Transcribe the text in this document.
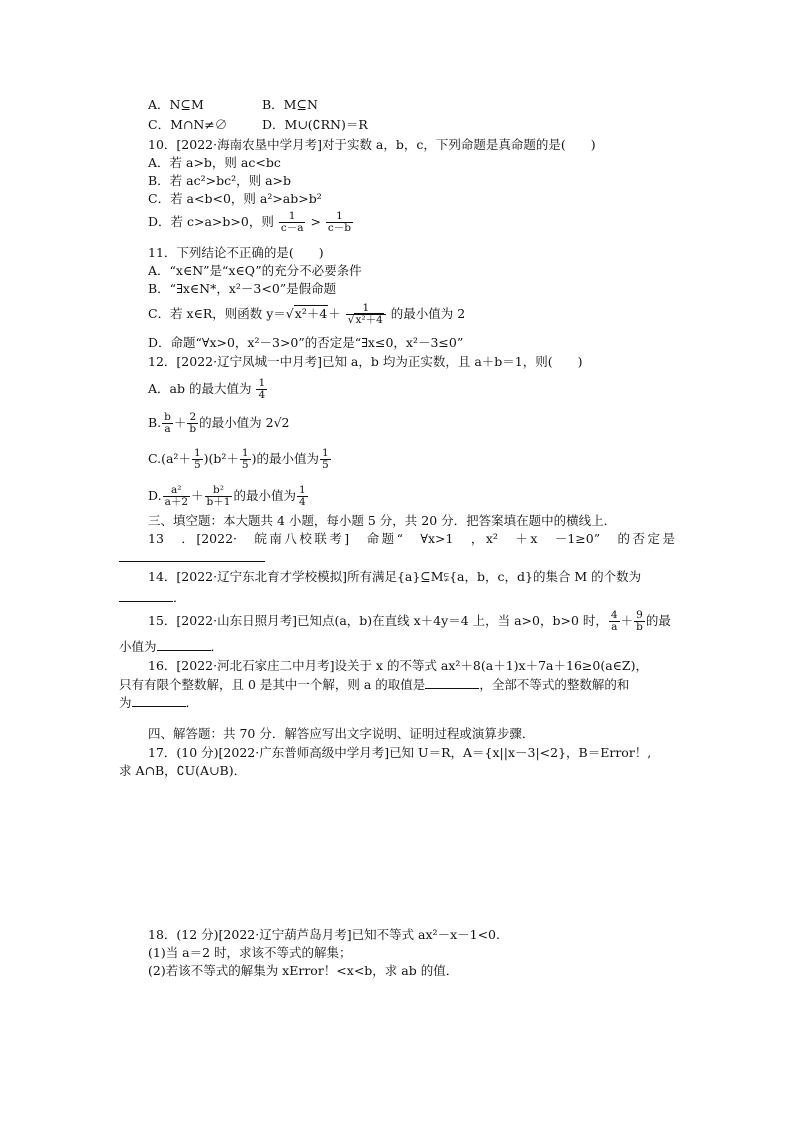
A．N⊆M	B．M⊆N
C．M∩N≠∅	D．M∪(∁RN)＝R
10．[2022·海南农垦中学月考]对于实数 a，b，c，下列命题是真命题的是(　　)
A．若 a>b，则 ac<bc
B．若 ac²>bc²，则 a>b
C．若 a<b<0，则 a²>ab>b²
D．若 c>a>b>0，则 $\frac{1}{c-a} > \frac{1}{c-b}$
11．下列结论不正确的是(　　)
A．“x∈N”是“x∈Q”的充分不必要条件
B．“∃x∈N*，x²－3<0”是假命题
C．若 x∈R，则函数 $y=√x^2+4+ \frac{1}{\text{√x²＋4}}$ 的最小值为 2
D．命题“∀x>0，x²－3>0”的否定是“∃x≤0，x²－3≤0”
12．[2022·辽宁凤城一中月考]已知 a，b 均为正实数，且 a＋b＝1，则(　　)
A．ab 的最大值为 $\frac{1}{4}$
B. $\frac{b}{a} + \frac{2}{b}$ 的最小值为 2√2
$C.(a^2+ \frac{1}{5} )(b^2+ \frac{1}{5}$ )的最小值为 $\frac{1}{5}$
D. $\frac{\text{a²}}{a+2} + \frac{\text{b²}}{b+1}$ 的最小值为 $\frac{1}{4}$
三、填空题：本大题共 4 小题，每小题 5 分，共 20 分．把答案填在题中的横线上．
13　．[2022·　皖南八校联考]　命题“　∀x>1　，x²　＋x　－1≥0”　的否定是
14．[2022·辽宁东北育才学校模拟]所有满足{a}⊆M⫋{a，b，c，d}的集合 M 的个数为
．
15．[2022·山东日照月考]已知点(a，b)在直线 x＋4y＝4 上，当 a>0，b>0 时， $\frac{4}{a} + \frac{9}{b}$ 的最
小值为	．
16．[2022·河北石家庄二中月考]设关于 x 的不等式 ax²＋8(a＋1)x＋7a＋16≥0(a∈Z)，
只有有限个整数解，且 0 是其中一个解，则 a 的取值是	，全部不等式的整数解的和
为	．
四、解答题：共 70 分．解答应写出文字说明、证明过程或演算步骤．
17．(10 分)[2022·广东普师高级中学月考]已知 U＝R，A＝{x||x－3|<2}，B＝Error！,
求 A∩B，∁U(A∪B)．
18．(12 分)[2022·辽宁葫芦岛月考]已知不等式 ax²－x－1<0.
(1)当 a＝2 时，求该不等式的解集；
(2)若该不等式的解集为 xError！<x<b，求 ab 的值．
